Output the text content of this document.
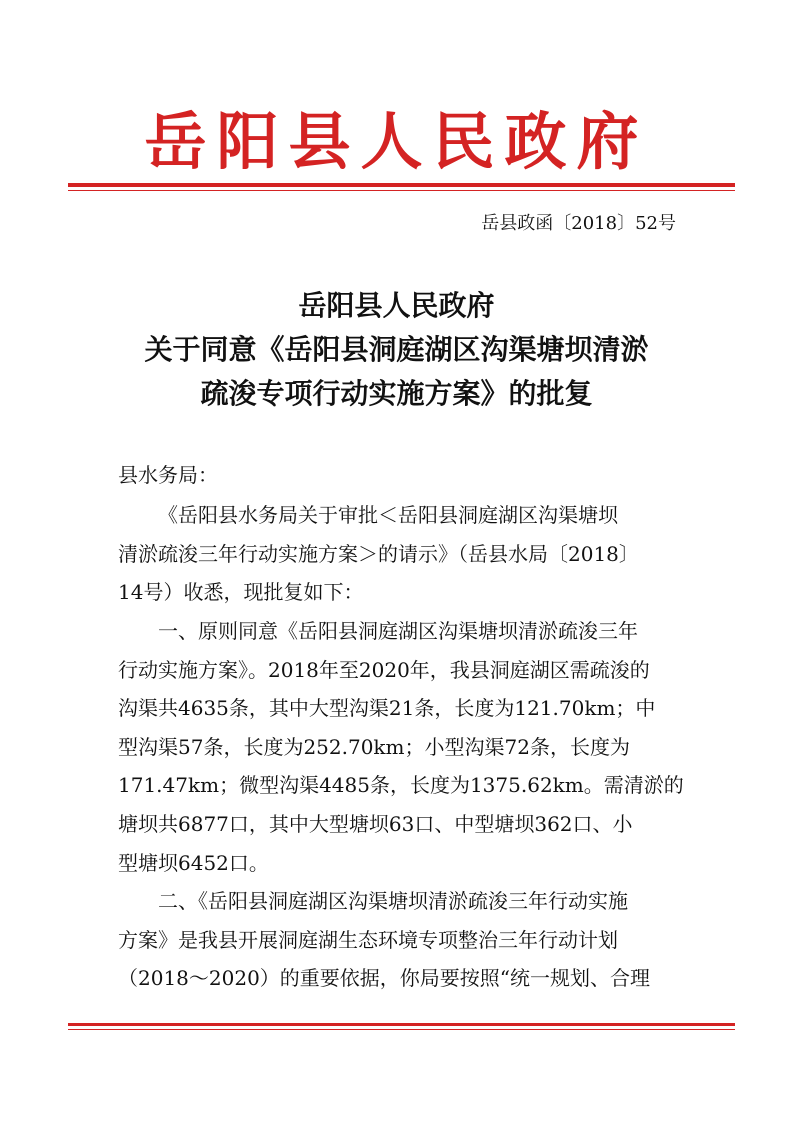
岳阳县人民政府
岳县政函〔2018〕52号
岳阳县人民政府
关于同意《岳阳县洞庭湖区沟渠塘坝清淤
疏浚专项行动实施方案》的批复
县水务局：
《岳阳县水务局关于审批＜岳阳县洞庭湖区沟渠塘坝
清淤疏浚三年行动实施方案＞的请示》（岳县水局〔2018〕
14号）收悉，现批复如下：
一、原则同意《岳阳县洞庭湖区沟渠塘坝清淤疏浚三年
行动实施方案》。2018年至2020年，我县洞庭湖区需疏浚的
沟渠共4635条，其中大型沟渠21条，长度为121.70km；中
型沟渠57条，长度为252.70km；小型沟渠72条，长度为
171.47km；微型沟渠4485条，长度为1375.62km。需清淤的
塘坝共6877口，其中大型塘坝63口、中型塘坝362口、小
型塘坝6452口。
二、《岳阳县洞庭湖区沟渠塘坝清淤疏浚三年行动实施
方案》是我县开展洞庭湖生态环境专项整治三年行动计划
（2018～2020）的重要依据，你局要按照“统一规划、合理
